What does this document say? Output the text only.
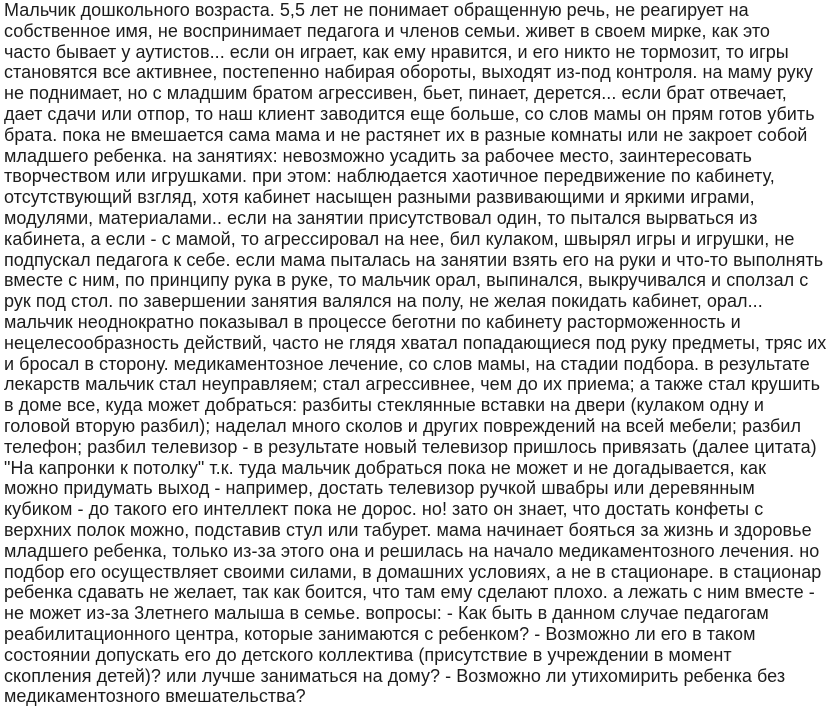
Мальчик дошкольного возраста. 5,5 лет не понимает обращенную речь, не реагирует на
собственное имя, не воспринимает педагога и членов семьи. живет в своем мирке, как это
часто бывает у аутистов... если он играет, как ему нравится, и его никто не тормозит, то игры
становятся все активнее, постепенно набирая обороты, выходят из-под контроля. на маму руку
не поднимает, но с младшим братом агрессивен, бьет, пинает, дерется... если брат отвечает,
дает сдачи или отпор, то наш клиент заводится еще больше, со слов мамы он прям готов убить
брата. пока не вмешается сама мама и не растянет их в разные комнаты или не закроет собой
младшего ребенка. на занятиях: невозможно усадить за рабочее место, заинтересовать
творчеством или игрушками. при этом: наблюдается хаотичное передвижение по кабинету,
отсутствующий взгляд, хотя кабинет насыщен разными развивающими и яркими играми,
модулями, материалами.. если на занятии присутствовал один, то пытался вырваться из
кабинета, а если - с мамой, то агрессировал на нее, бил кулаком, швырял игры и игрушки, не
подпускал педагога к себе. если мама пыталась на занятии взять его на руки и что-то выполнять
вместе с ним, по принципу рука в руке, то мальчик орал, выпинался, выкручивался и сползал с
рук под стол. по завершении занятия валялся на полу, не желая покидать кабинет, орал...
мальчик неоднократно показывал в процессе беготни по кабинету расторможенность и
нецелесообразность действий, часто не глядя хватал попадающиеся под руку предметы, тряс их
и бросал в сторону. медикаментозное лечение, со слов мамы, на стадии подбора. в результате
лекарств мальчик стал неуправляем; стал агрессивнее, чем до их приема; а также стал крушить
в доме все, куда может добраться: разбиты стеклянные вставки на двери (кулаком одну и
головой вторую разбил); наделал много сколов и других повреждений на всей мебели; разбил
телефон; разбил телевизор - в результате новый телевизор пришлось привязать (далее цитата)
"На капронки к потолку" т.к. туда мальчик добраться пока не может и не догадывается, как
можно придумать выход - например, достать телевизор ручкой швабры или деревянным
кубиком - до такого его интеллект пока не дорос. но! зато он знает, что достать конфеты с
верхних полок можно, подставив стул или табурет. мама начинает бояться за жизнь и здоровье
младшего ребенка, только из-за этого она и решилась на начало медикаментозного лечения. но
подбор его осуществляет своими силами, в домашних условиях, а не в стационаре. в стационар
ребенка сдавать не желает, так как боится, что там ему сделают плохо. а лежать с ним вместе -
не может из-за 3летнего малыша в семье. вопросы: - Как быть в данном случае педагогам
реабилитационного центра, которые занимаются с ребенком? - Возможно ли его в таком
состоянии допускать его до детского коллектива (присутствие в учреждении в момент
скопления детей)? или лучше заниматься на дому? - Возможно ли утихомирить ребенка без
медикаментозного вмешательства?
